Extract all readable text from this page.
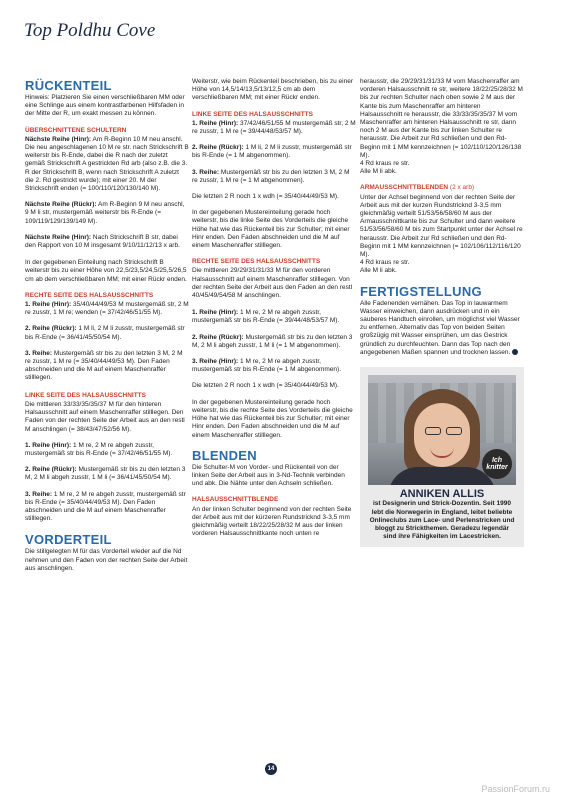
Top Poldhu Cove
RÜCKENTEIL

Hinweis: Platzieren Sie einen verschließbaren MM oder eine Schlinge aus einem kontrastfarbenen Hilfsfaden in der Mitte der R, um exakt messen zu können.

ÜBERSCHNITTENE SCHULTERN

Nächste Reihe (Hinr): Am R-Beginn 10 M neu anschl. Die neu angeschlagenen 10 M re str. nach Strickschrift B weiterstr bis R-Ende, dabei die R nach der zuletzt gemäß Strickschrift A gestrickten Rd arb (also z.B. die 3. R der Strickschrift B, wenn nach Strickschrift A zuletzt die 2. Rd gestrickt wurde); mit einer 20. M der Strickschrift enden (= 100/110/120/130/140 M).

Nächste Reihe (Rückr): Am R-Beginn 9 M neu anschl, 9 M li str, mustergemäß weiterstr bis R-Ende (= 109/119/129/139/149 M).

Nächste Reihe (Hinr): Nach Strickschrift B str, dabei den Rapport von 10 M insgesamt 9/10/11/12/13 x arb.

In der gegebenen Einteilung nach Strickschrift B weiterstr bis zu einer Höhe von 22,5/23,5/24,5/25,5/26,5 cm ab dem verschließbaren MM; mit einer Rückr enden.

RECHTE SEITE DES HALSAUSSCHNITTS

1. Reihe (Hinr): 35/40/44/49/53 M mustergemäß str, 2 M re zusstr, 1 M re; wenden (= 37/42/46/51/55 M).

2. Reihe (Rückr): 1 M li, 2 M li zusstr, mustergemäß str bis R-Ende (= 36/41/45/50/54 M).

3. Reihe: Mustergemäß str bis zu den letzten 3 M, 2 M re zusstr, 1 M re (= 35/40/44/49/53 M). Den Faden abschneiden und die M auf einem Maschenraffer stilllegen.

LINKE SEITE DES HALSAUSSCHNITTS

Die mittleren 33/33/35/35/37 M für den hinteren Halsausschnitt auf einem Maschenraffer stilllegen. Den Faden von der rechten Seite der Arbeit aus an den restl M anschlingen (= 38/43/47/52/56 M).

1. Reihe (Hinr): 1 M re, 2 M re abgeh zusstr, mustergemäß str bis R-Ende (= 37/42/46/51/55 M).

2. Reihe (Rückr): Mustergemäß str bis zu den letzten 3 M, 2 M li abgeh zusstr, 1 M li (= 36/41/45/50/54 M).

3. Reihe: 1 M re, 2 M re abgeh zusstr, mustergemäß str bis R-Ende (= 35/40/44/49/53 M). Den Faden abschneiden und die M auf einem Maschenraffer stilllegen.

VORDERTEIL

Die stillgelegten M für das Vorderteil wieder auf die Nd nehmen und den Faden von der rechten Seite der Arbeit aus anschlingen.

Weiterstr, wie beim Rückenteil beschrieben, bis zu einer Höhe von 14,5/14/13,5/13/12,5 cm ab dem verschließbaren MM; mit einer Rückr enden.

LINKE SEITE DES HALSAUSSCHNITTS

1. Reihe (Hinr): 37/42/46/51/55 M mustergemäß str, 2 M re zusstr, 1 M re (= 39/44/48/53/57 M).

2. Reihe (Rückr): 1 M li, 2 M li zusstr, mustergemäß str bis R-Ende (= 1 M abgenommen).

3. Reihe: Mustergemäß str bis zu den letzten 3 M, 2 M re zusstr, 1 M re (= 1 M abgenommen).

Die letzten 2 R noch 1 x wdh (= 35/40/44/49/53 M).

In der gegebenen Mustereinteilung gerade hoch weiterstr, bis die linke Seite des Vorderteils die gleiche Höhe hat wie das Rückenteil bis zur Schulter; mit einer Hinr enden. Den Faden abschneiden und die M auf einem Maschenraffer stilllegen.

RECHTE SEITE DES HALSAUSSCHNITTS

Die mittleren 29/29/31/31/33 M für den vorderen Halsausschnitt auf einem Maschenraffer stilllegen. Von der rechten Seite der Arbeit aus den Faden an den restl 40/45/49/54/58 M anschlingen.

1. Reihe (Hinr): 1 M re, 2 M re abgeh zusstr, mustergemäß str bis R-Ende (= 39/44/48/53/57 M).

2. Reihe (Rückr): Mustergemäß str bis zu den letzten 3 M, 2 M li abgeh zusstr, 1 M li (= 1 M abgenommen).

3. Reihe (Hinr): 1 M re, 2 M re abgeh zusstr, mustergemäß str bis R-Ende (= 1 M abgenommen).

Die letzten 2 R noch 1 x wdh (= 35/40/44/49/53 M).

In der gegebenen Mustereinteilung gerade hoch weiterstr, bis die rechte Seite des Vorderteils die gleiche Höhe hat wie das Rückenteil bis zur Schulter; mit einer Hinr enden. Den Faden abschneiden und die M auf einem Maschenraffer stilllegen.

BLENDEN

Die Schulter-M von Vorder- und Rückenteil von der linken Seite der Arbeit aus in 3-Nd-Technik verbinden und abk. Die Nähte unter den Achseln schließen.

HALSAUSSCHNITTBLENDE

An der linken Schulter beginnend von der rechten Seite der Arbeit aus mit der kürzeren Rundstricknd 3-3,5 mm gleichmäßig verteilt 18/22/25/28/32 M aus der linken vorderen Halsausschnittkante noch unten re

herausstr, die 29/29/31/31/33 M vom Maschenraffer am vorderen Halsausschnitt re str, weitere 18/22/25/28/32 M bis zur rechten Schulter nach oben sowie 2 M aus der Kante bis zum Maschenraffer am hinteren Halsausschnitt re herausstr, die 33/33/35/35/37 M vom Maschenraffer am hinteren Halsausschnitt re str, dann noch 2 M aus der Kante bis zur linken Schulter re herausstr. Die Arbeit zur Rd schließen und den Rd-Beginn mit 1 MM kennzeichnen (= 102/110/120/126/138 M).

4 Rd kraus re str.

Alle M li abk.

ARMAUSSCHNITTBLENDEN (2 x arb)

Unter der Achsel beginnend von der rechten Seite der Arbeit aus mit der kurzen Rundstricknd 3-3,5 mm gleichmäßig verteilt 51/53/56/58/60 M aus der Armausschnittkante bis zur Schulter und dann weitere 51/53/56/58/60 M bis zum Startpunkt unter der Achsel re herausstr. Die Arbeit zur Rd schließen und den Rd-Beginn mit 1 MM kennzeichnen (= 102/106/112/116/120 M).

4 Rd kraus re str.

Alle M li abk.

FERTIGSTELLUNG

Alle Fadenenden vernähen. Das Top in lauwarmem Wasser einweichen, dann ausdrücken und in ein sauberes Handtuch einrollen, um möglichst viel Wasser zu entfernen. Alternativ das Top von beiden Seiten großzügig mit Wasser einsprühen, um das Gestrick gründlich zu durchfeuchten. Dann das Top nach den angegebenen Maßen spannen und trocknen lassen.

Ich knitter
ANNIKEN ALLIS
ist Designerin und Strick-Dozentin. Seit 1990 lebt die Norwegerin in England, leitet beliebte Onlineclubs zum Lace- und Perlenstricken und bloggt zu Strickthemen. Geradezu legendär sind ihre Fähigkeiten im Lacestricken.
14
PassionForum.ru
